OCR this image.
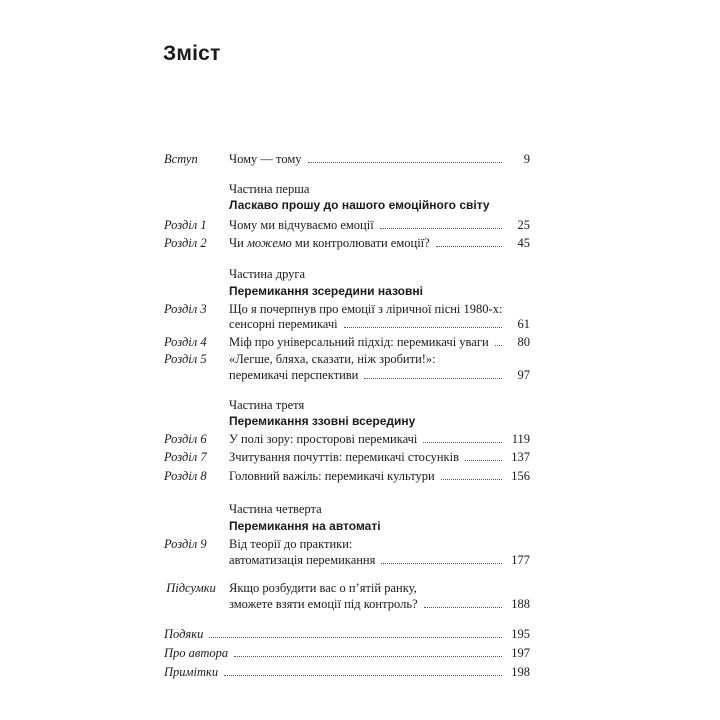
Зміст
Вступ	Чому — тому	9
Частина перша
Ласкаво прошу до нашого емоційного світу
Розділ 1 Чому ми відчуваємо емоції	25
Розділ 2 Чи можемо ми контролювати емоції?	45
Частина друга
Перемикання зсередини назовні
Розділ 3 Що я почерпнув про емоції з ліричної пісні 1980-х:
сенсорні перемикачі	61
Розділ 4 Міф про універсальний підхід: перемикачі уваги	80
Розділ 5 «Легше, бляха, сказати, ніж зробити!»:
перемикачі перспективи	97
Частина третя
Перемикання ззовні всередину
Розділ 6 У полі зору: просторові перемикачі	119
Розділ 7 Зчитування почуттів: перемикачі стосунків	137
Розділ 8 Головний важіль: перемикачі культури	156
Частина четверта
Перемикання на автоматі
Розділ 9 Від теорії до практики:
автоматизація перемикання	177
Підсумки Якщо розбудити вас о п’ятій ранку,
зможете взяти емоції під контроль?	188
Подяки	195
Про автора	197
Примітки	198
